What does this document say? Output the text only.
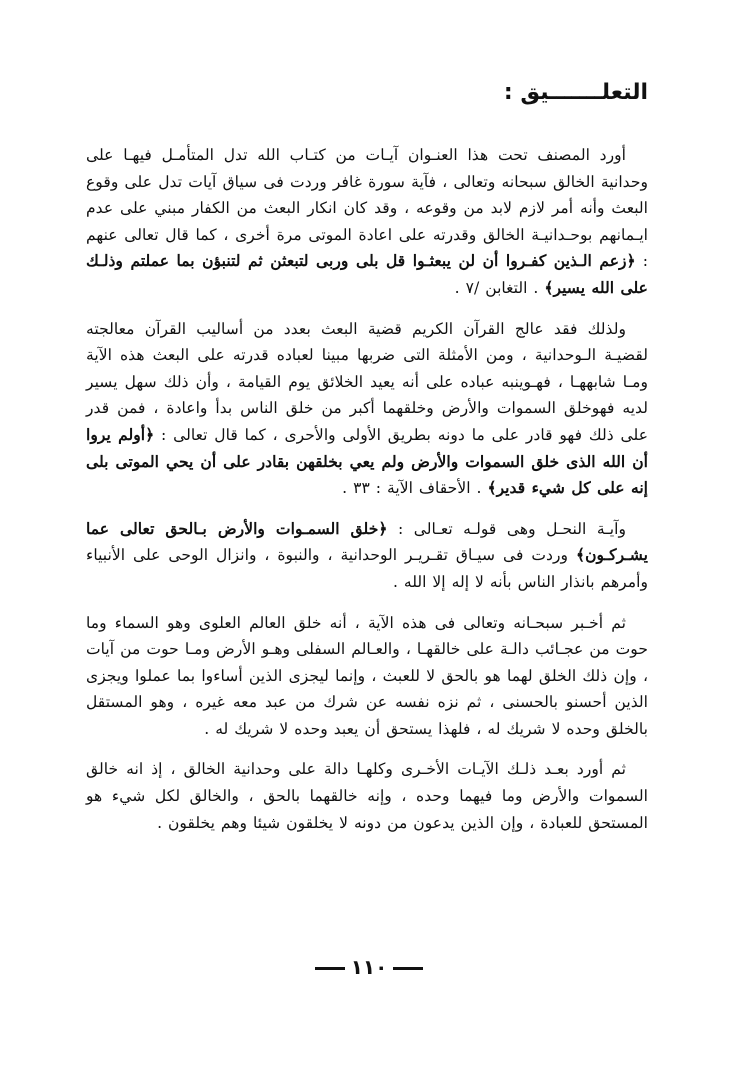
التعلـــــــيق :

أورد المصنف تحت هذا العنـوان آيـات من كتـاب الله تدل المتأمـل فيهـا على وحدانية الخالق سبحانه وتعالى ، فآية سورة غافر وردت فى سياق آيات تدل على وقوع البعث وأنه أمر لازم لابد من وقوعه ، وقد كان انكار البعث من الكفار مبني على عدم ايـمانهم بوحـدانيـة الخالق وقدرته على اعادة الموتى مرة أخرى ، كما قال تعالى عنهم : ﴿زعم الـذين كفـروا أن لن يبعثـوا قل بلى وربى لتبعثن ثم لتنبؤن بما عملتم وذلـك على الله يسير﴾ . التغابن /٧ .

ولذلك فقد عالج القرآن الكريم قضية البعث بعدد من أساليب القرآن معالجته لقضيـة الـوحدانية ، ومن الأمثلة التى ضربها مبينا لعباده قدرته على البعث هذه الآية ومـا شابههـا ، فهـوينبه عباده على أنه يعيد الخلائق يوم القيامة ، وأن ذلك سهل يسير لديه فهوخلق السموات والأرض وخلقهما أكبر من خلق الناس بدأ واعادة ، فمن قدر على ذلك فهو قادر على ما دونه بطريق الأولى والأحرى ، كما قال تعالى : ﴿أولم يروا أن الله الذى خلق السموات والأرض ولم يعي بخلقهن بقادر على أن يحي الموتى بلى إنه على كل شيء قدير﴾ . الأحقاف الآية : ٣٣ .

وآيـة النحـل وهى قولـه تعـالى : ﴿خلق السمـوات والأرض بـالحق تعالى عما يشـركـون﴾ وردت فى سيـاق تقـريـر الوحدانية ، والنبوة ، وانزال الوحى على الأنبياء وأمرهم بانذار الناس بأنه لا إله إلا الله .

ثم أخـبر سبحـانه وتعالى فى هذه الآية ، أنه خلق العالم العلوى وهو السماء وما حوت من عجـائب دالـة على خالقهـا ، والعـالم السفلى وهـو الأرض ومـا حوت من آيات ، وإن ذلك الخلق لهما هو بالحق لا للعبث ، وإنما ليجزى الذين أساءوا بما عملوا ويجزى الذين أحسنو بالحسنى ، ثم نزه نفسه عن شرك من عبد معه غيره ، وهو المستقل بالخلق وحده لا شريك له ، فلهذا يستحق أن يعبد وحده لا شريك له .

ثم أورد بعـد ذلـك الآيـات الأخـرى وكلهـا دالة على وحدانية الخالق ، إذ انه خالق السموات والأرض وما فيهما وحده ، وإنه خالقهما بالحق ، والخالق لكل شيء هو المستحق للعبادة ، وإن الذين يدعون من دونه لا يخلقون شيئا وهم يخلقون .

١١٠
